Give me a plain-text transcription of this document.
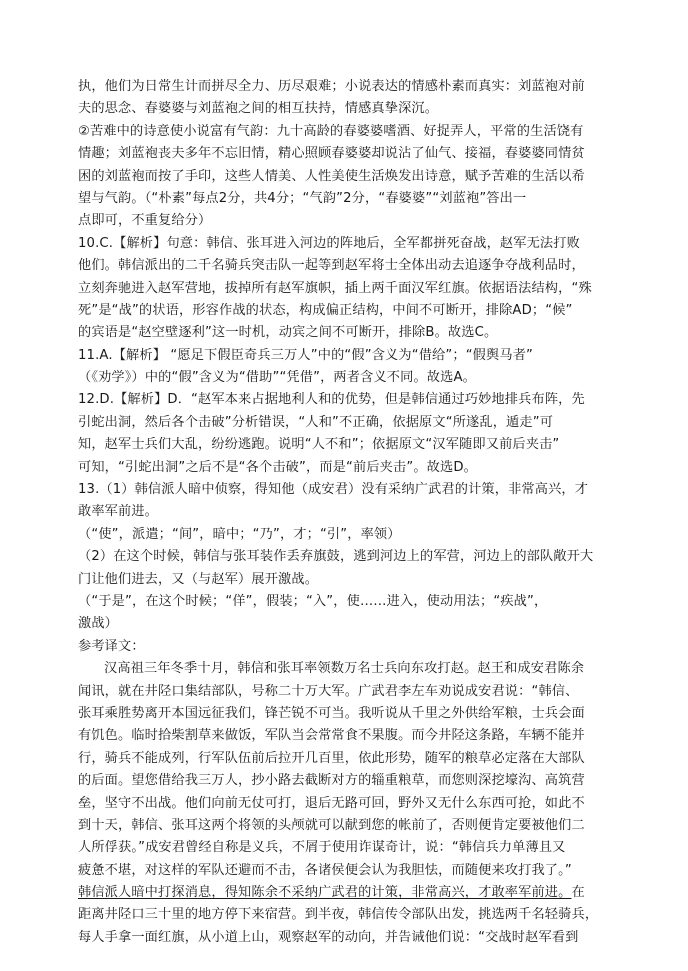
执，他们为日常生计而拼尽全力、历尽艰难；小说表达的情感朴素而真实：刘蓝袍对前
夫的思念、春婆婆与刘蓝袍之间的相互扶持，情感真挚深沉。
②苦难中的诗意使小说富有气韵：九十高龄的春婆婆嗜酒、好捉弄人，平常的生活饶有
情趣；刘蓝袍丧夫多年不忘旧情，精心照顾春婆婆却说沾了仙气、接福，春婆婆同情贫
困的刘蓝袍而按了手印，这些人情美、人性美使生活焕发出诗意，赋予苦难的生活以希
望与气韵。（“朴素”每点2分，共4分；“气韵”2分，“春婆婆”“刘蓝袍”答出一
点即可，不重复给分）
10.C.【解析】句意：韩信、张耳进入河边的阵地后，全军都拼死奋战，赵军无法打败
他们。韩信派出的二千名骑兵突击队一起等到赵军将士全体出动去追逐争夺战利品时，
立刻奔驰进入赵军营地，拔掉所有赵军旗帜，插上两千面汉军红旗。依据语法结构，“殊
死”是“战”的状语，形容作战的状态，构成偏正结构，中间不可断开，排除AD；“候”
的宾语是“赵空壁逐利”这一时机，动宾之间不可断开，排除B。故选C。
11.A.【解析】 “愿足下假臣奇兵三万人”中的“假”含义为“借给”；“假舆马者”
（《劝学》）中的“假”含义为“借助”“凭借”，两者含义不同。故选A。
12.D.【解析】D．“赵军本来占据地利人和的优势，但是韩信通过巧妙地排兵布阵，先
引蛇出洞，然后各个击破”分析错误，“人和”不正确，依据原文“所遂乱，遁走”可
知，赵军士兵们大乱，纷纷逃跑。说明“人不和”；依据原文“汉军随即又前后夹击”
可知，“引蛇出洞”之后不是“各个击破”，而是“前后夹击”。故选D。
13.（1）韩信派人暗中侦察，得知他（成安君）没有采纳广武君的计策，非常高兴，才
敢率军前进。
（“使”，派遣；“间”，暗中；“乃”，才；“引”，率领）
（2）在这个时候，韩信与张耳装作丢弃旗鼓，逃到河边上的军营，河边上的部队敞开大
门让他们进去，又（与赵军）展开激战。
（“于是”，在这个时候；“佯”，假装；“入”，使……进入，使动用法；“疾战”，
激战）
参考译文：
汉高祖三年冬季十月，韩信和张耳率领数万名士兵向东攻打赵。赵王和成安君陈余
闻讯，就在井陉口集结部队，号称二十万大军。广武君李左车劝说成安君说：“韩信、
张耳乘胜势离开本国远征我们，锋芒锐不可当。我听说从千里之外供给军粮，士兵会面
有饥色。临时拾柴割草来做饭，军队当会常常食不果腹。而今井陉这条路，车辆不能并
行，骑兵不能成列，行军队伍前后拉开几百里，依此形势，随军的粮草必定落在大部队
的后面。望您借给我三万人，抄小路去截断对方的辎重粮草，而您则深挖壕沟、高筑营
垒，坚守不出战。他们向前无仗可打，退后无路可回，野外又无什么东西可抢，如此不
到十天，韩信、张耳这两个将领的头颅就可以献到您的帐前了，否则便肯定要被他们二
人所俘获。”成安君曾经自称是义兵，不屑于使用诈谋奇计，说：“韩信兵力单薄且又
疲惫不堪，对这样的军队还避而不击，各诸侯便会认为我胆怯，而随便来攻打我了。”
韩信派人暗中打探消息，得知陈余不采纳广武君的计策，非常高兴，才敢率军前进。在
距离井陉口三十里的地方停下来宿营。到半夜，韩信传令部队出发，挑选两千名轻骑兵，
每人手拿一面红旗，从小道上山，观察赵军的动向，并告诫他们说：“交战时赵军看到
